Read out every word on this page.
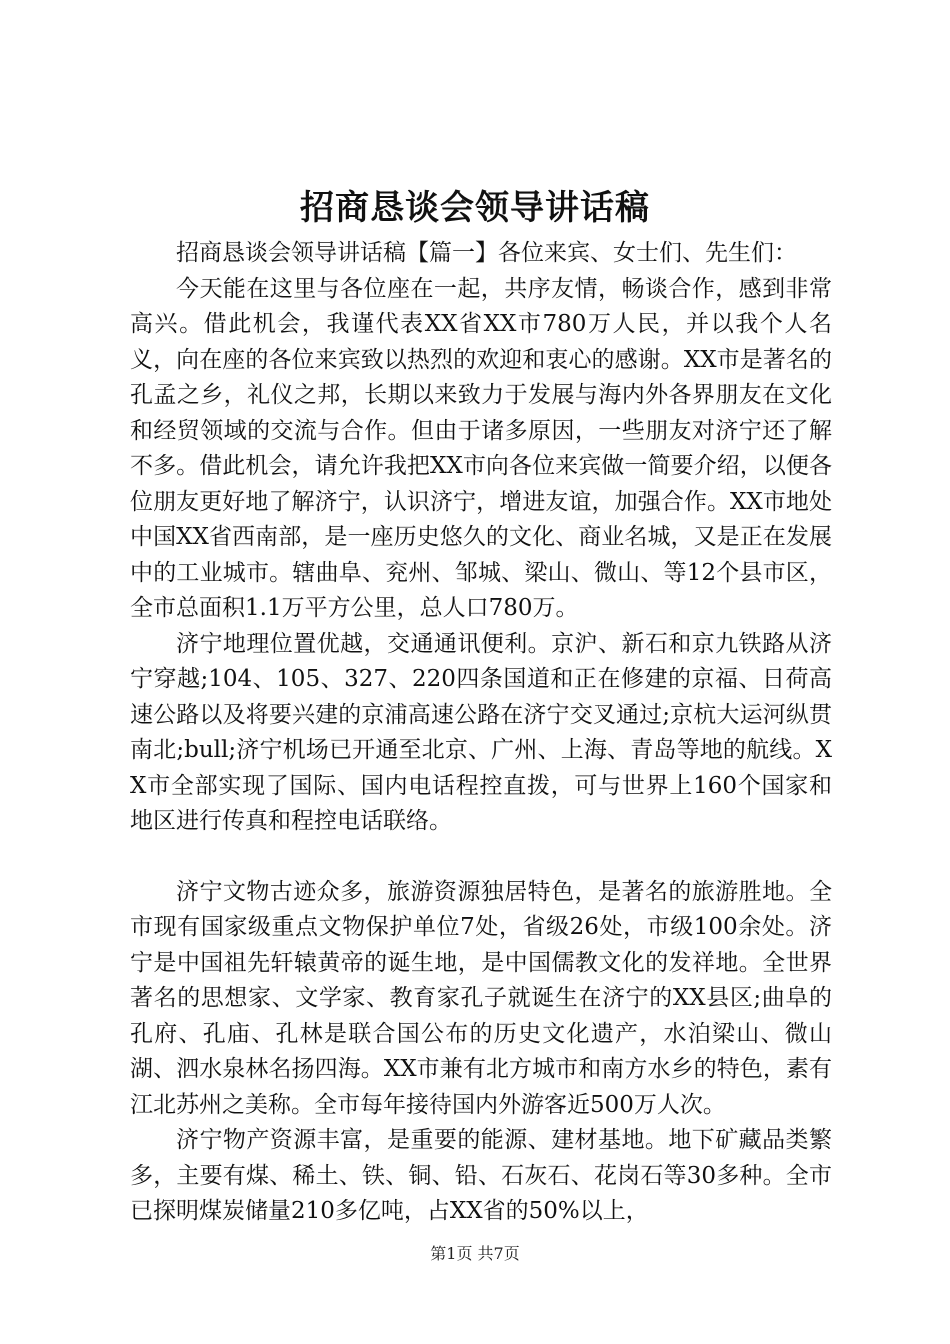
招商恳谈会领导讲话稿

招商恳谈会领导讲话稿【篇一】各位来宾、女士们、先生们：

今天能在这里与各位座在一起，共序友情，畅谈合作，感到非常高兴。借此机会，我谨代表XX省XX市780万人民，并以我个人名义，向在座的各位来宾致以热烈的欢迎和衷心的感谢。XX市是著名的孔孟之乡，礼仪之邦，长期以来致力于发展与海内外各界朋友在文化和经贸领域的交流与合作。但由于诸多原因，一些朋友对济宁还了解不多。借此机会，请允许我把XX市向各位来宾做一简要介绍，以便各位朋友更好地了解济宁，认识济宁，增进友谊，加强合作。XX市地处中国XX省西南部，是一座历史悠久的文化、商业名城，又是正在发展中的工业城市。辖曲阜、兖州、邹城、梁山、微山、等12个县市区，全市总面积1.1万平方公里，总人口780万。

济宁地理位置优越，交通通讯便利。京沪、新石和京九铁路从济宁穿越;104、105、327、220四条国道和正在修建的京福、日荷高速公路以及将要兴建的京浦高速公路在济宁交叉通过;京杭大运河纵贯南北;bull;济宁机场已开通至北京、广州、上海、青岛等地的航线。XX市全部实现了国际、国内电话程控直拨，可与世界上160个国家和地区进行传真和程控电话联络。

济宁文物古迹众多，旅游资源独居特色，是著名的旅游胜地。全市现有国家级重点文物保护单位7处，省级26处，市级100余处。济宁是中国祖先轩辕黄帝的诞生地，是中国儒教文化的发祥地。全世界著名的思想家、文学家、教育家孔子就诞生在济宁的XX县区;曲阜的孔府、孔庙、孔林是联合国公布的历史文化遗产，水泊梁山、微山湖、泗水泉林名扬四海。XX市兼有北方城市和南方水乡的特色，素有江北苏州之美称。全市每年接待国内外游客近500万人次。

济宁物产资源丰富，是重要的能源、建材基地。地下矿藏品类繁多，主要有煤、稀土、铁、铜、铅、石灰石、花岗石等30多种。全市已探明煤炭储量210多亿吨，占XX省的50%以上，

第1页 共7页
